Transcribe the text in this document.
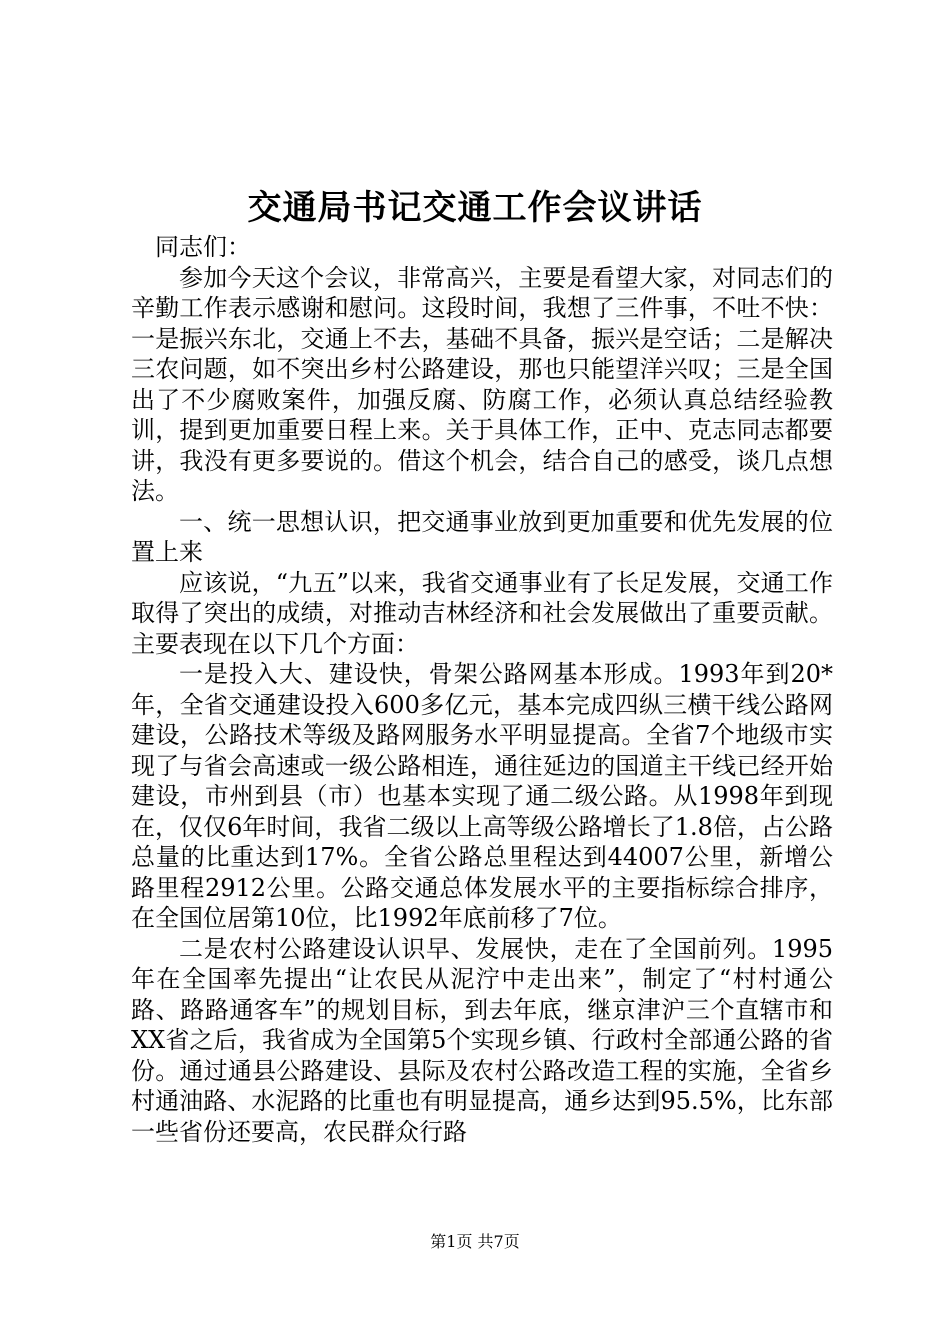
交通局书记交通工作会议讲话

同志们：

参加今天这个会议，非常高兴，主要是看望大家，对同志们的辛勤工作表示感谢和慰问。这段时间，我想了三件事，不吐不快：一是振兴东北，交通上不去，基础不具备，振兴是空话；二是解决三农问题，如不突出乡村公路建设，那也只能望洋兴叹；三是全国出了不少腐败案件，加强反腐、防腐工作，必须认真总结经验教训，提到更加重要日程上来。关于具体工作，正中、克志同志都要讲，我没有更多要说的。借这个机会，结合自己的感受，谈几点想法。

一、统一思想认识，把交通事业放到更加重要和优先发展的位置上来

应该说，“九五”以来，我省交通事业有了长足发展，交通工作取得了突出的成绩，对推动吉林经济和社会发展做出了重要贡献。主要表现在以下几个方面：

一是投入大、建设快，骨架公路网基本形成。1993年到20*年，全省交通建设投入600多亿元，基本完成四纵三横干线公路网建设，公路技术等级及路网服务水平明显提高。全省7个地级市实现了与省会高速或一级公路相连，通往延边的国道主干线已经开始建设，市州到县（市）也基本实现了通二级公路。从1998年到现在，仅仅6年时间，我省二级以上高等级公路增长了1.8倍，占公路总量的比重达到17%。全省公路总里程达到44007公里，新增公路里程2912公里。公路交通总体发展水平的主要指标综合排序，在全国位居第10位，比1992年底前移了7位。

二是农村公路建设认识早、发展快，走在了全国前列。1995年在全国率先提出“让农民从泥泞中走出来”，制定了“村村通公路、路路通客车”的规划目标，到去年底，继京津沪三个直辖市和XX省之后，我省成为全国第5个实现乡镇、行政村全部通公路的省份。通过通县公路建设、县际及农村公路改造工程的实施，全省乡村通油路、水泥路的比重也有明显提高，通乡达到95.5%，比东部一些省份还要高，农民群众行路

第1页 共7页
